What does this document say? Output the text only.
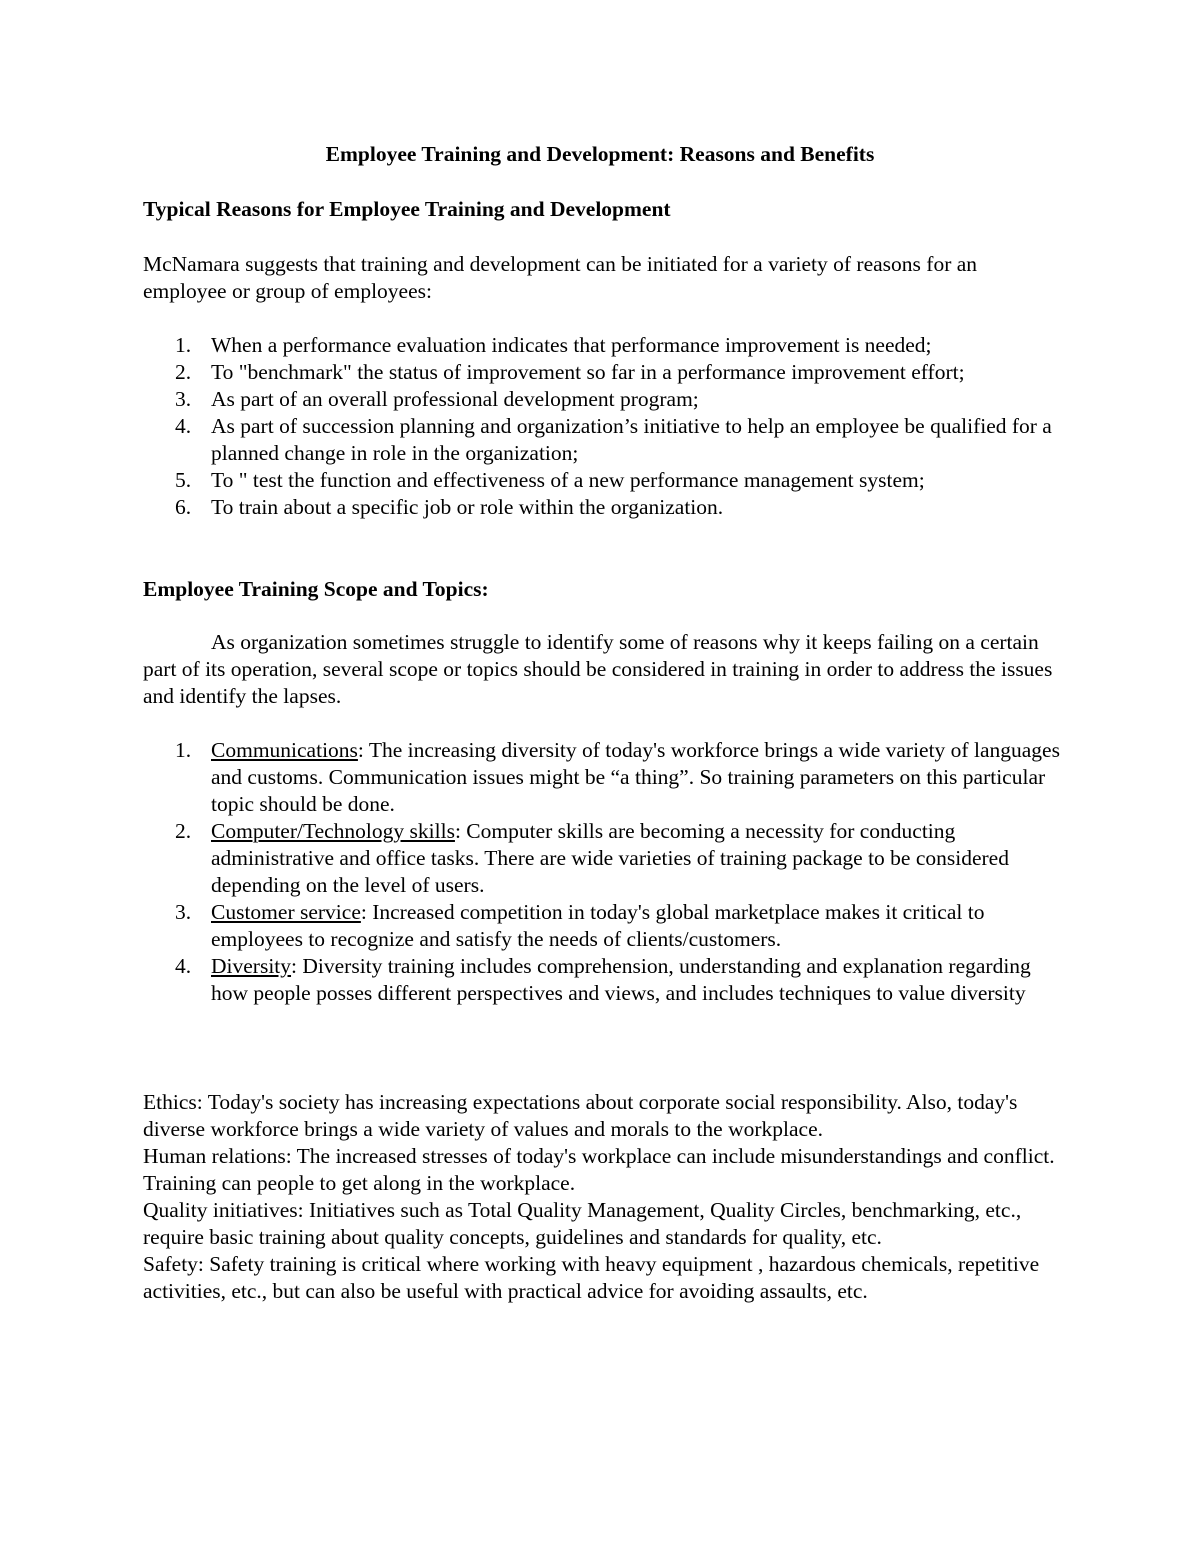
Employee Training and Development: Reasons and Benefits
Typical Reasons for Employee Training and Development

McNamara suggests that training and development can be initiated for a variety of reasons for an employee or group of employees:

1. When a performance evaluation indicates that performance improvement is needed;
2. To "benchmark" the status of improvement so far in a performance improvement effort;
3. As part of an overall professional development program;
4. As part of succession planning and organization’s initiative to help an employee be qualified for a planned change in role in the organization;
5. To " test the function and effectiveness of a new performance management system;
6. To train about a specific job or role within the organization.
Employee Training Scope and Topics:

As organization sometimes struggle to identify some of reasons why it keeps failing on a certain part of its operation, several scope or topics should be considered in training in order to address the issues and identify the lapses.

1. Communications: The increasing diversity of today's workforce brings a wide variety of languages and customs. Communication issues might be “a thing”. So training parameters on this particular topic should be done.
2. Computer/Technology skills: Computer skills are becoming a necessity for conducting administrative and office tasks. There are wide varieties of training package to be considered depending on the level of users.
3. Customer service: Increased competition in today's global marketplace makes it critical to employees to recognize and satisfy the needs of clients/customers.
4. Diversity: Diversity training includes comprehension, understanding and explanation regarding how people posses different perspectives and views, and includes techniques to value diversity

Ethics: Today's society has increasing expectations about corporate social responsibility. Also, today's diverse workforce brings a wide variety of values and morals to the workplace.

Human relations: The increased stresses of today's workplace can include misunderstandings and conflict. Training can people to get along in the workplace.

Quality initiatives: Initiatives such as Total Quality Management, Quality Circles, benchmarking, etc., require basic training about quality concepts, guidelines and standards for quality, etc.

Safety: Safety training is critical where working with heavy equipment , hazardous chemicals, repetitive activities, etc., but can also be useful with practical advice for avoiding assaults, etc.
